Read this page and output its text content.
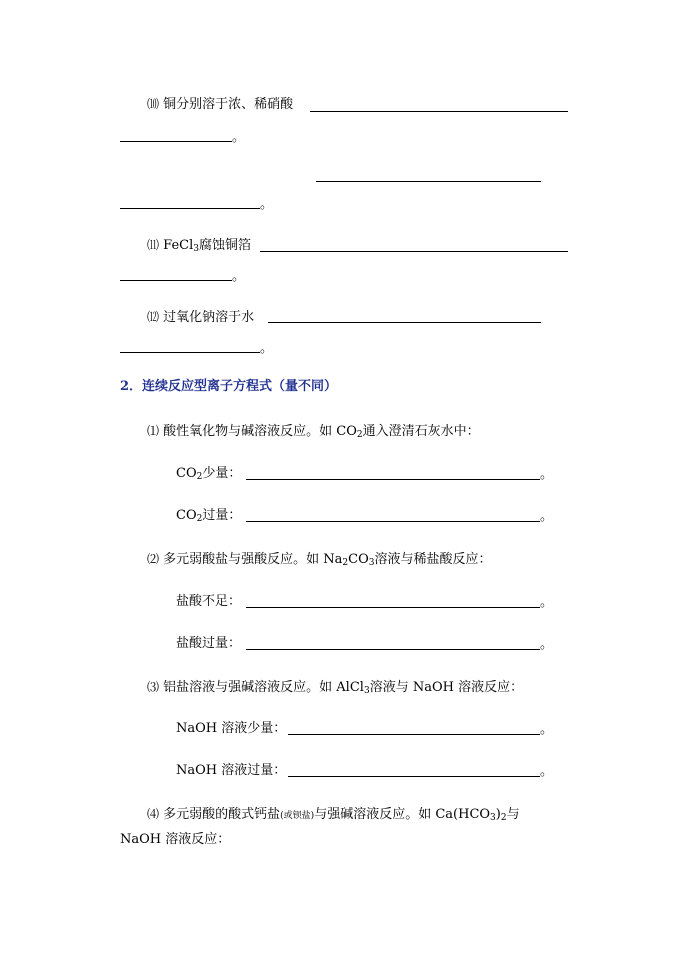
⑽ 铜分别溶于浓、稀硝酸
。
。
⑾ FeCl$_3$腐蚀铜箔
。
⑿ 过氧化钠溶于水
。
2．连续反应型离子方程式（量不同）
⑴ 酸性氧化物与碱溶液反应。如 $CO_2$通入澄清石灰水中：
$CO_2$少量：	。
$CO_2$过量：	。
⑵ 多元弱酸盐与强酸反应。如 $Na_2CO_3$溶液与稀盐酸反应：
盐酸不足：	。
盐酸过量：	。
⑶ 铝盐溶液与强碱溶液反应。如 AlCl$_3$溶液与 NaOH 溶液反应：
NaOH 溶液少量：	。
NaOH 溶液过量：	。
⑷ 多元弱酸的酸式钙盐(或钡盐)与强碱溶液反应。如 $Ca(HCO_3)_2$与
NaOH 溶液反应：
